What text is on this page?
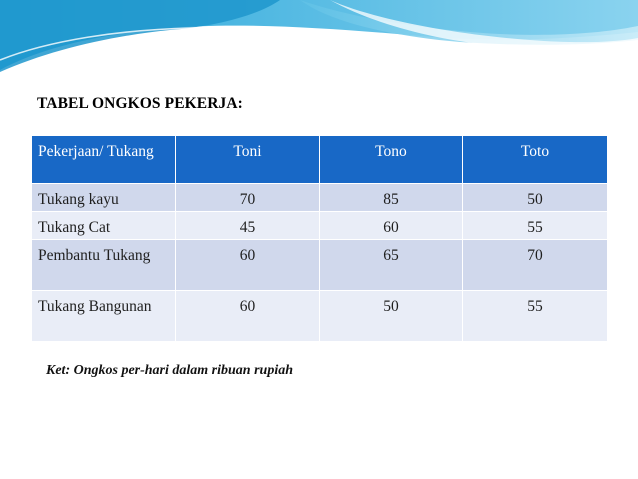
TABEL ONGKOS PEKERJA:
Pekerjaan/ Tukang	Toni	Tono	Toto
Tukang kayu	70	85	50
Tukang Cat	45	60	55
Pembantu Tukang	60	65	70
Tukang Bangunan	60	50	55
Ket: Ongkos per-hari dalam ribuan rupiah
